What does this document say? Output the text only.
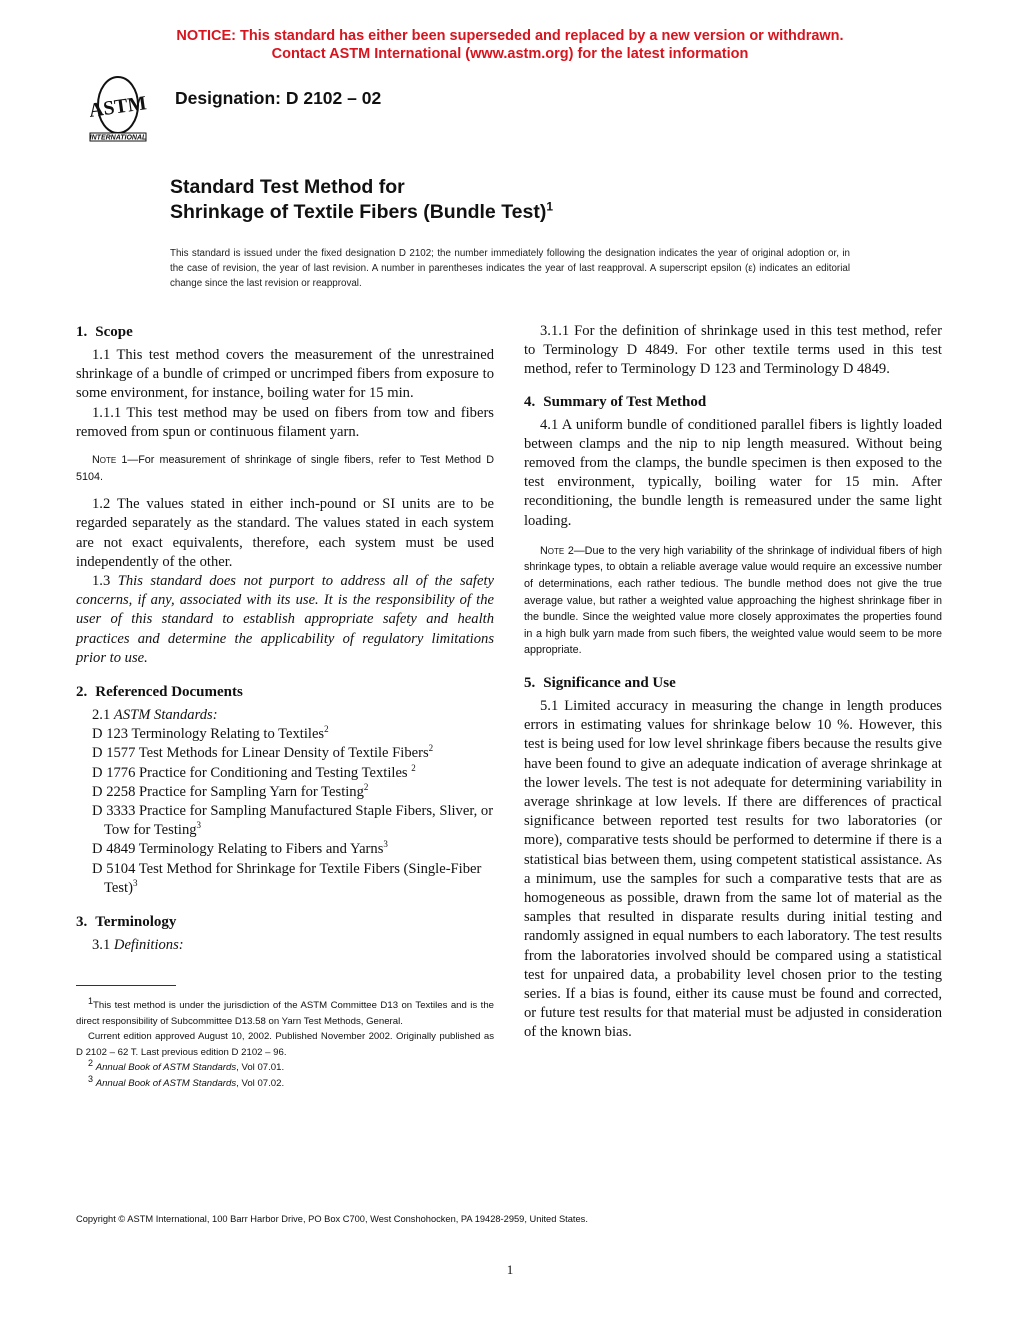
NOTICE: This standard has either been superseded and replaced by a new version or withdrawn.
Contact ASTM International (www.astm.org) for the latest information
ASTM
INTERNATIONAL
Designation: D 2102 – 02
Standard Test Method for
Shrinkage of Textile Fibers (Bundle Test)$^1$
This standard is issued under the fixed designation D 2102; the number immediately following the designation indicates the year of original adoption or, in the case of revision, the year of last revision. A number in parentheses indicates the year of last reapproval. A superscript epsilon (ε) indicates an editorial change since the last revision or reapproval.
1. Scope

1.1 This test method covers the measurement of the unrestrained shrinkage of a bundle of crimped or uncrimped fibers from exposure to some environment, for instance, boiling water for 15 min.

1.1.1 This test method may be used on fibers from tow and fibers removed from spun or continuous filament yarn.

Note 1—For measurement of shrinkage of single fibers, refer to Test Method D 5104.

1.2 The values stated in either inch-pound or SI units are to be regarded separately as the standard. The values stated in each system are not exact equivalents, therefore, each system must be used independently of the other.

1.3 This standard does not purport to address all of the safety concerns, if any, associated with its use. It is the responsibility of the user of this standard to establish appropriate safety and health practices and determine the applicability of regulatory limitations prior to use.

2. Referenced Documents

2.1 ASTM Standards:

D 123 Terminology Relating to Textiles$^2$

D 1577 Test Methods for Linear Density of Textile Fibers$^2$

D 1776 Practice for Conditioning and Testing Textiles $^2$

D 2258 Practice for Sampling Yarn for Testing$^2$

D 3333 Practice for Sampling Manufactured Staple Fibers, Sliver, or Tow for Testing$^3$

D 4849 Terminology Relating to Fibers and Yarns$^3$

D 5104 Test Method for Shrinkage for Textile Fibers (Single-Fiber Test)$^3$

3. Terminology

3.1 Definitions:

$^1$This test method is under the jurisdiction of the ASTM Committee D13 on Textiles and is the direct responsibility of Subcommittee D13.58 on Yarn Test Methods, General.

Current edition approved August 10, 2002. Published November 2002. Originally published as D 2102 – 62 T. Last previous edition D 2102 – 96.

$^2$ Annual Book of ASTM Standards, Vol 07.01.

$^3$ Annual Book of ASTM Standards, Vol 07.02.

3.1.1 For the definition of shrinkage used in this test method, refer to Terminology D 4849. For other textile terms used in this test method, refer to Terminology D 123 and Terminology D 4849.

4. Summary of Test Method

4.1 A uniform bundle of conditioned parallel fibers is lightly loaded between clamps and the nip to nip length measured. Without being removed from the clamps, the bundle specimen is then exposed to the test environment, typically, boiling water for 15 min. After reconditioning, the bundle length is remeasured under the same light loading.

Note 2—Due to the very high variability of the shrinkage of individual fibers of high shrinkage types, to obtain a reliable average value would require an excessive number of determinations, each rather tedious. The bundle method does not give the true average value, but rather a weighted value approaching the highest shrinkage fiber in the bundle. Since the weighted value more closely approximates the properties found in a high bulk yarn made from such fibers, the weighted value would seem to be more appropriate.

5. Significance and Use

5.1 Limited accuracy in measuring the change in length produces errors in estimating values for shrinkage below 10 %. However, this test is being used for low level shrinkage fibers because the results give have been found to give an adequate indication of average shrinkage at the lower levels. The test is not adequate for determining variability in average shrinkage at low levels. If there are differences of practical significance between reported test results for two laboratories (or more), comparative tests should be performed to determine if there is a statistical bias between them, using competent statistical assistance. As a minimum, use the samples for such a comparative tests that are as homogeneous as possible, drawn from the same lot of material as the samples that resulted in disparate results during initial testing and randomly assigned in equal numbers to each laboratory. The test results from the laboratories involved should be compared using a statistical test for unpaired data, a probability level chosen prior to the testing series. If a bias is found, either its cause must be found and corrected, or future test results for that material must be adjusted in consideration of the known bias.

Copyright © ASTM International, 100 Barr Harbor Drive, PO Box C700, West Conshohocken, PA 19428-2959, United States.
1
